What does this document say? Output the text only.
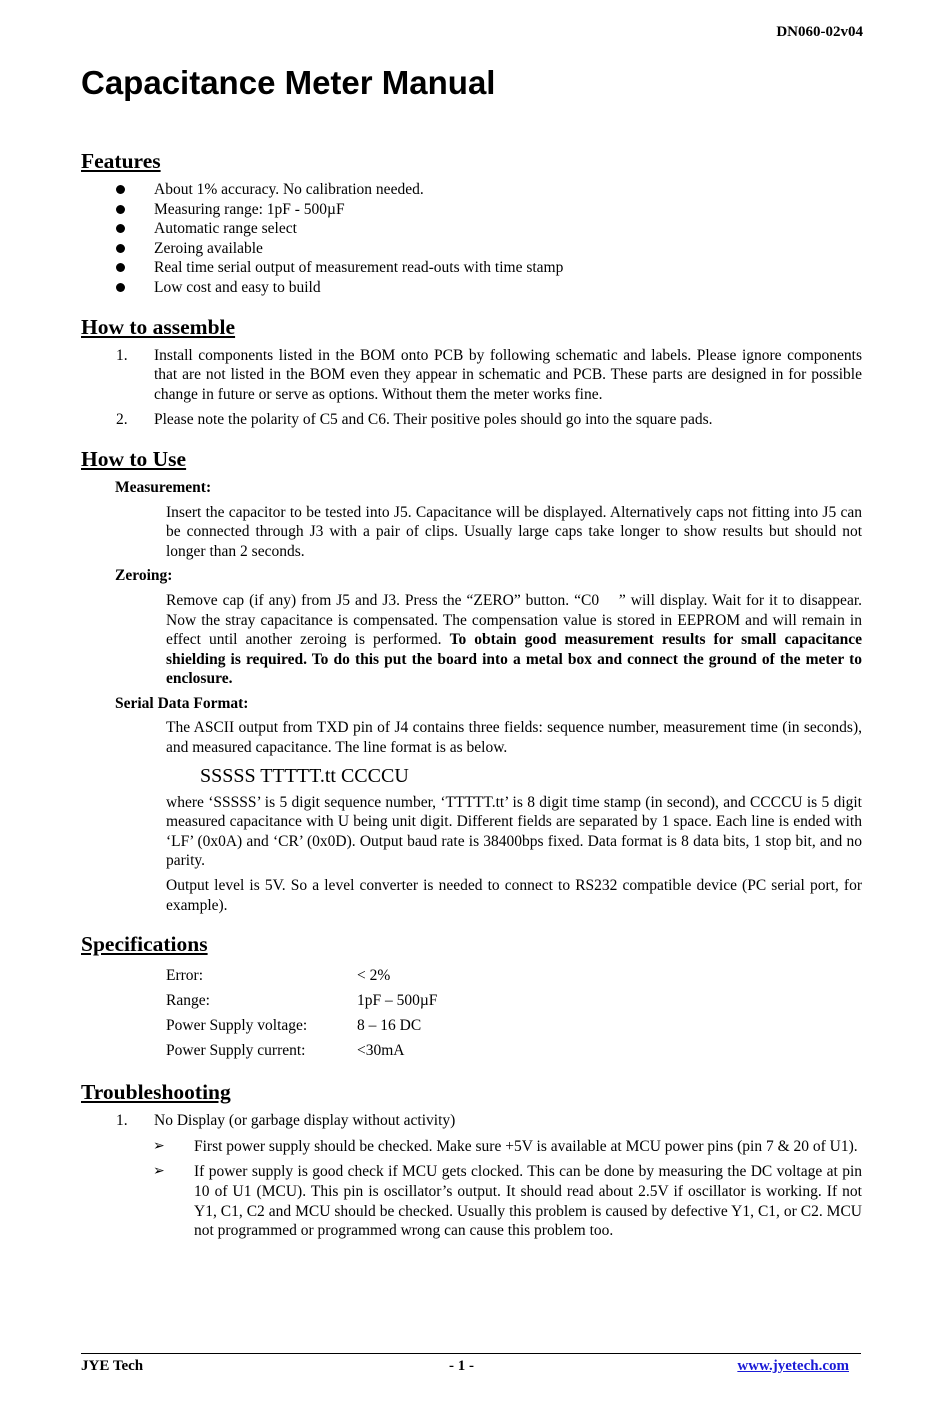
DN060-02v04
Capacitance Meter Manual
Features
About 1% accuracy. No calibration needed.
Measuring range: 1pF - 500µF
Automatic range select
Zeroing available
Real time serial output of measurement read-outs with time stamp
Low cost and easy to build
How to assemble
1. Install components listed in the BOM onto PCB by following schematic and labels. Please ignore components that are not listed in the BOM even they appear in schematic and PCB. These parts are designed in for possible change in future or serve as options. Without them the meter works fine.
2. Please note the polarity of C5 and C6. Their positive poles should go into the square pads.
How to Use
Measurement:
Insert the capacitor to be tested into J5. Capacitance will be displayed. Alternatively caps not fitting into J5 can be connected through J3 with a pair of clips. Usually large caps take longer to show results but should not longer than 2 seconds.
Zeroing:
Remove cap (if any) from J5 and J3. Press the “ZERO” button. “C0    ” will display. Wait for it to disappear. Now the stray capacitance is compensated. The compensation value is stored in EEPROM and will remain in effect until another zeroing is performed. To obtain good measurement results for small capacitance shielding is required. To do this put the board into a metal box and connect the ground of the meter to enclosure.
Serial Data Format:
The ASCII output from TXD pin of J4 contains three fields: sequence number, measurement time (in seconds), and measured capacitance. The line format is as below.
SSSSS TTTTT.tt CCCCU
where ‘SSSSS’ is 5 digit sequence number, ‘TTTTT.tt’ is 8 digit time stamp (in second), and CCCCU is 5 digit measured capacitance with U being unit digit. Different fields are separated by 1 space. Each line is ended with ‘LF’ (0x0A) and ‘CR’ (0x0D). Output baud rate is 38400bps fixed. Data format is 8 data bits, 1 stop bit, and no parity.
Output level is 5V. So a level converter is needed to connect to RS232 compatible device (PC serial port, for example).
Specifications
Error:	< 2%
Range:	1pF – 500µF
Power Supply voltage:	8 – 16 DC
Power Supply current:	<30mA
Troubleshooting
1. No Display (or garbage display without activity)
➢ First power supply should be checked. Make sure +5V is available at MCU power pins (pin 7 & 20 of U1).
➢ If power supply is good check if MCU gets clocked. This can be done by measuring the DC voltage at pin 10 of U1 (MCU). This pin is oscillator’s output. It should read about 2.5V if oscillator is working. If not Y1, C1, C2 and MCU should be checked. Usually this problem is caused by defective Y1, C1, or C2. MCU not programmed or programmed wrong can cause this problem too.
JYE Tech	- 1 -	www.jyetech.com
